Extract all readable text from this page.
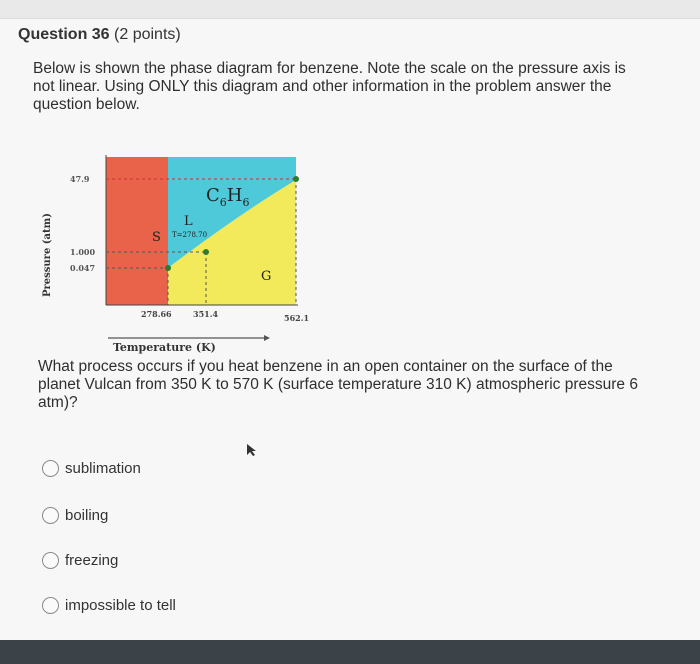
Question 36 (2 points)
Below is shown the phase diagram for benzene. Note the scale on the pressure axis is not linear. Using ONLY this diagram and other information in the problem answer the question below.
47.9
1.000
0.047
278.66	351.4	562.1
Pressure (atm)
Temperature (K)
S
L
G
T=278.70
$C_6H_6$
What process occurs if you heat benzene in an open container on the surface of the planet Vulcan from 350 K to 570 K (surface temperature 310 K) atmospheric pressure 6 atm)?
sublimation
boiling
freezing
impossible to tell
